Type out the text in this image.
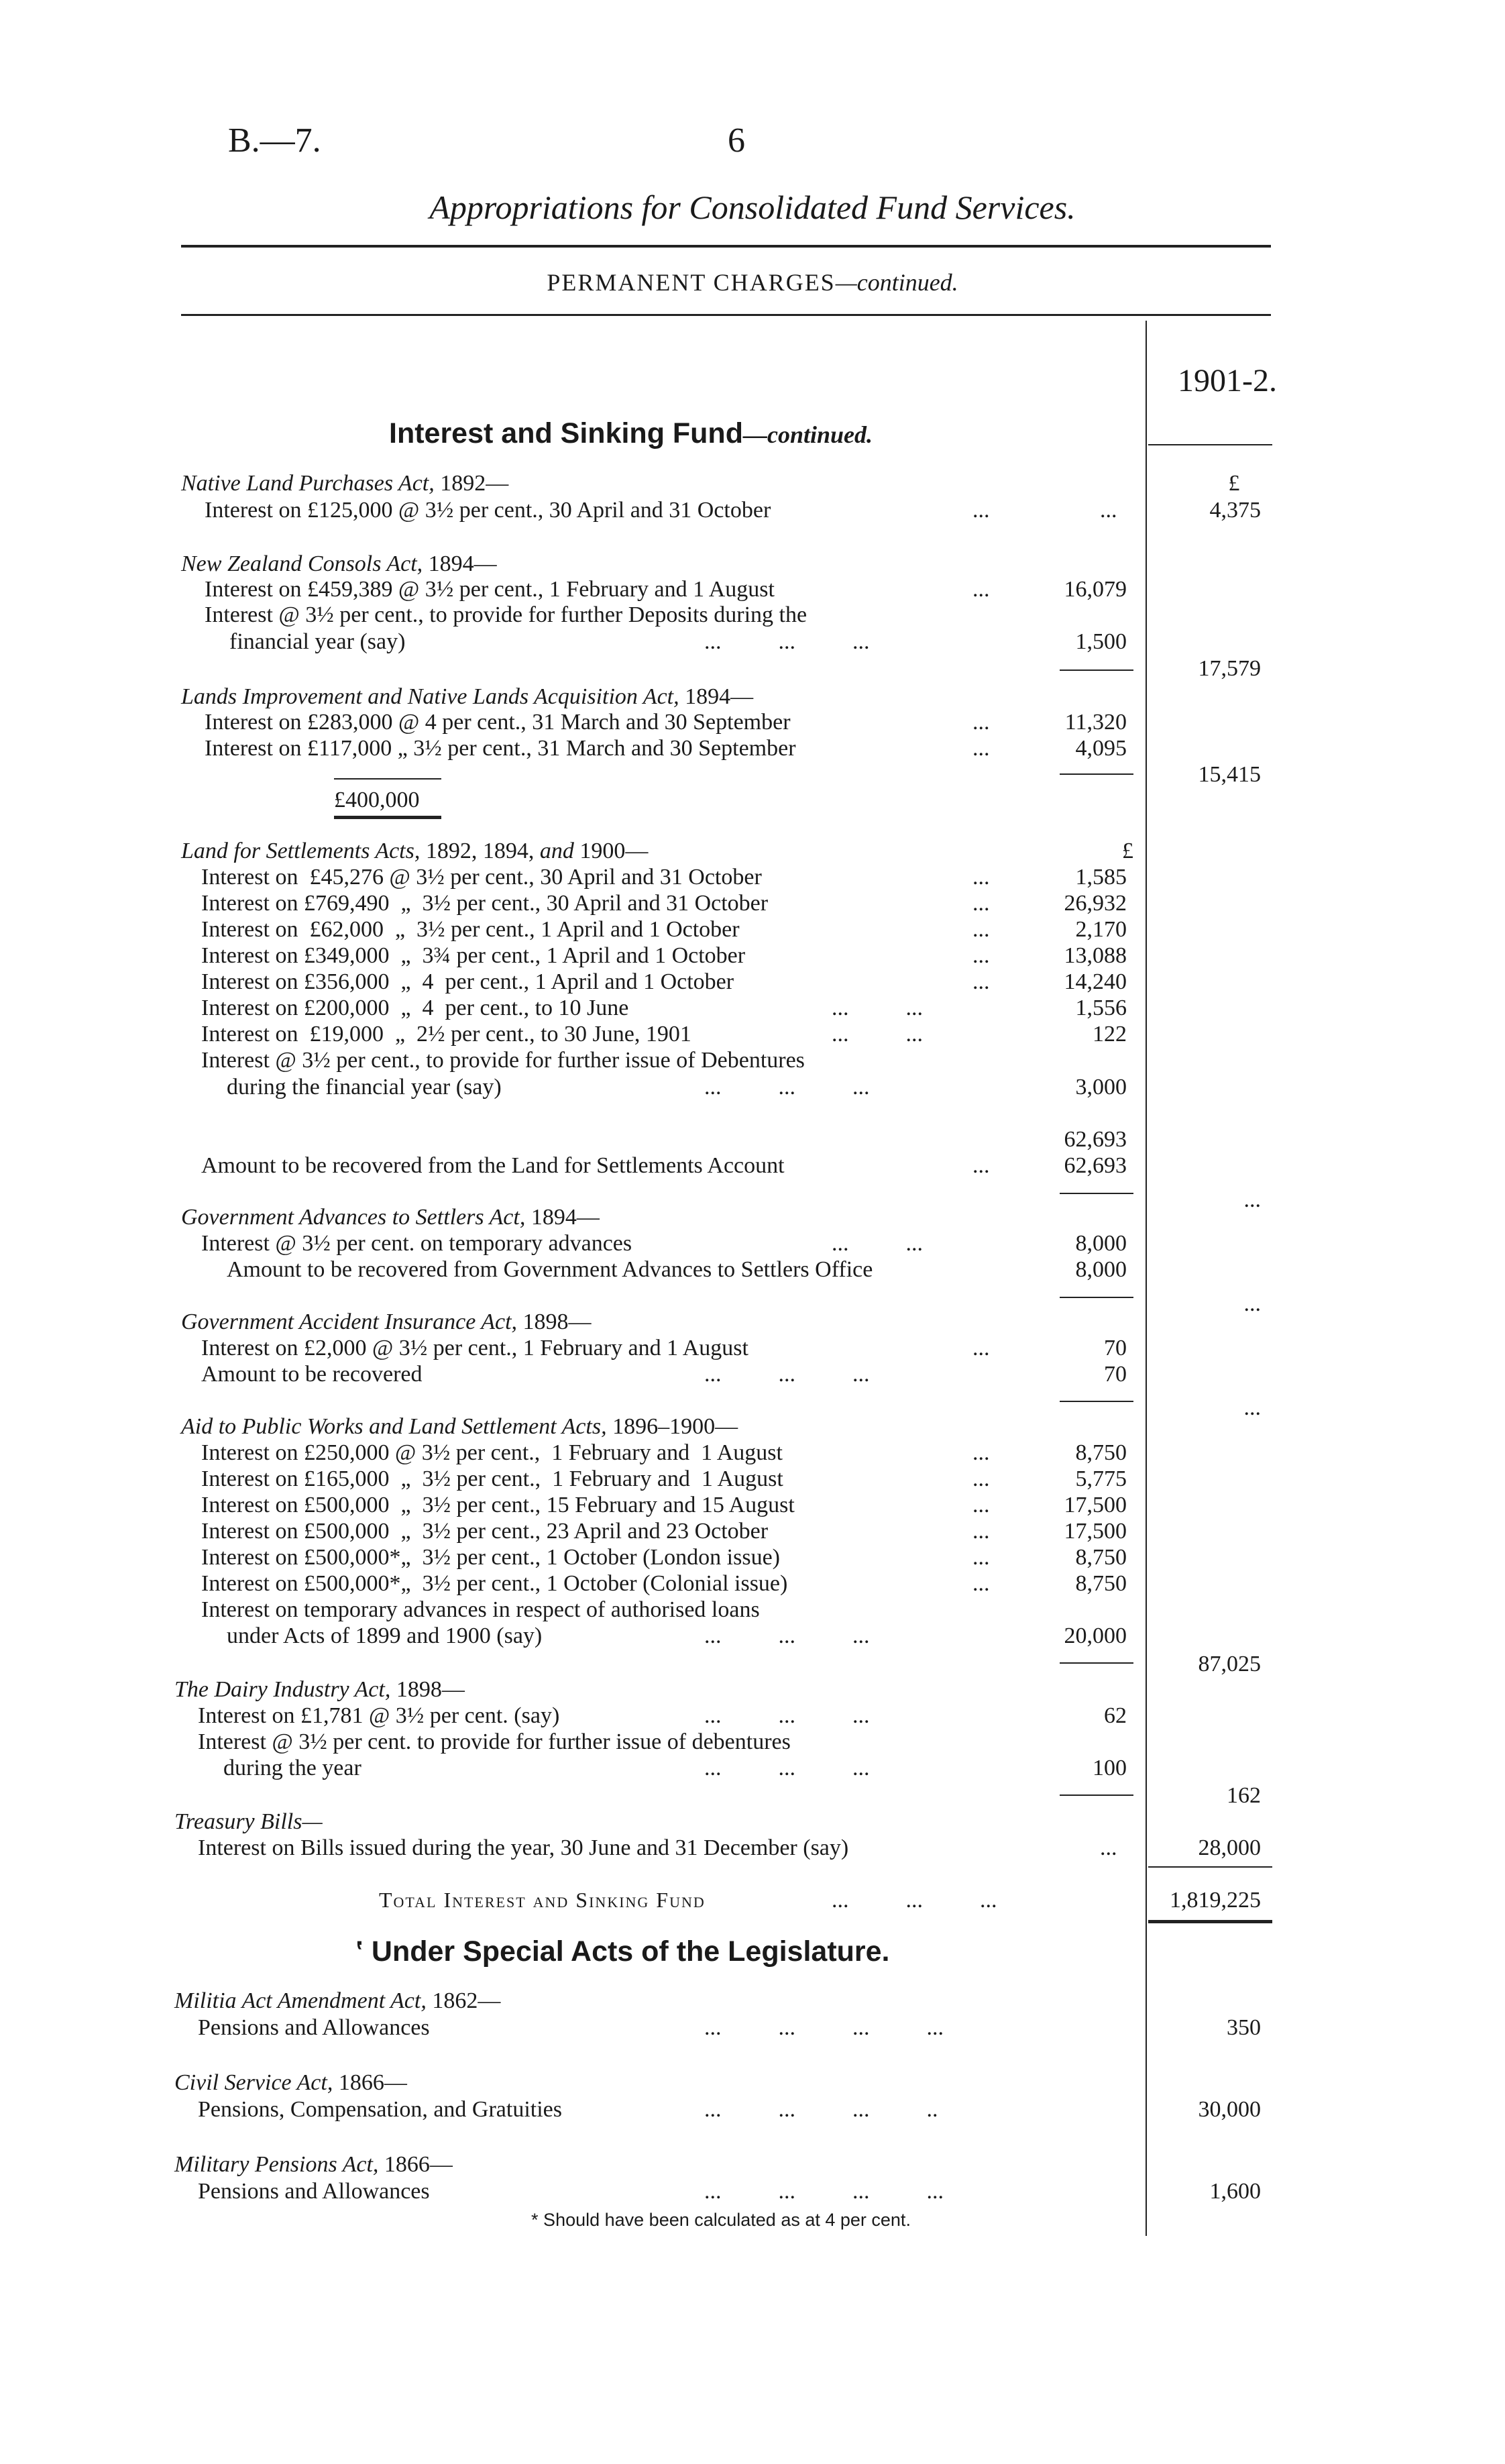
B.—7.	6
Appropriations for Consolidated Fund Services.
PERMANENT CHARGES—continued.
1901-2.
Interest and Sinking Fund—continued.
£
Native Land Purchases Act, 1892—
Interest on £125,000 @ 3½ per cent., 30 April and 31 October	...	...	4,375
New Zealand Consols Act, 1894—
Interest on £459,389 @ 3½ per cent., 1 February and 1 August	...	16,079
Interest @ 3½ per cent., to provide for further Deposits during the
financial year (say)	...          ...          ...	1,500
17,579
Lands Improvement and Native Lands Acquisition Act, 1894—
Interest on £283,000 @ 4 per cent., 31 March and 30 September	...	11,320
Interest on £117,000 „ 3½ per cent., 31 March and 30 September	...	4,095
15,415
£400,000
Land for Settlements Acts, 1892, 1894, and 1900—	£
Interest on  £45,276 @ 3½ per cent., 30 April and 31 October	...	1,585
Interest on £769,490  „  3½ per cent., 30 April and 31 October	...	26,932
Interest on  £62,000  „  3½ per cent., 1 April and 1 October	...	2,170
Interest on £349,000  „  3¾ per cent., 1 April and 1 October	...	13,088
Interest on £356,000  „  4  per cent., 1 April and 1 October	...	14,240
Interest on £200,000  „  4  per cent., to 10 June	...          ...	1,556
Interest on  £19,000  „  2½ per cent., to 30 June, 1901	...          ...	122
Interest @ 3½ per cent., to provide for further issue of Debentures
during the financial year (say)	...          ...          ...	3,000
62,693
Amount to be recovered from the Land for Settlements Account	...	62,693
...
Government Advances to Settlers Act, 1894—
Interest @ 3½ per cent. on temporary advances	...          ...	8,000
Amount to be recovered from Government Advances to Settlers Office	8,000
...
Government Accident Insurance Act, 1898—
Interest on £2,000 @ 3½ per cent., 1 February and 1 August	...	70
Amount to be recovered	...          ...          ...	70
...
Aid to Public Works and Land Settlement Acts, 1896–1900—
Interest on £250,000 @ 3½ per cent.,  1 February and  1 August	...	8,750
Interest on £165,000  „  3½ per cent.,  1 February and  1 August	...	5,775
Interest on £500,000  „  3½ per cent., 15 February and 15 August	...	17,500
Interest on £500,000  „  3½ per cent., 23 April and 23 October	...	17,500
Interest on £500,000*„  3½ per cent., 1 October (London issue)	...	8,750
Interest on £500,000*„  3½ per cent., 1 October (Colonial issue)	...	8,750
Interest on temporary advances in respect of authorised loans
under Acts of 1899 and 1900 (say)	...          ...          ...	20,000
87,025
The Dairy Industry Act, 1898—
Interest on £1,781 @ 3½ per cent. (say)	...          ...          ...	62
Interest @ 3½ per cent. to provide for further issue of debentures
during the year	...          ...          ...	100
162
Treasury Bills—
Interest on Bills issued during the year, 30 June and 31 December (say)	...	28,000
Total Interest and Sinking Fund	...          ...          ...	1,819,225
‛ Under Special Acts of the Legislature.
Militia Act Amendment Act, 1862—
Pensions and Allowances	...          ...          ...          ...	350
Civil Service Act, 1866—
Pensions, Compensation, and Gratuities	...          ...          ...          ..	30,000
Military Pensions Act, 1866—
Pensions and Allowances	...          ...          ...          ...	1,600
* Should have been calculated as at 4 per cent.
